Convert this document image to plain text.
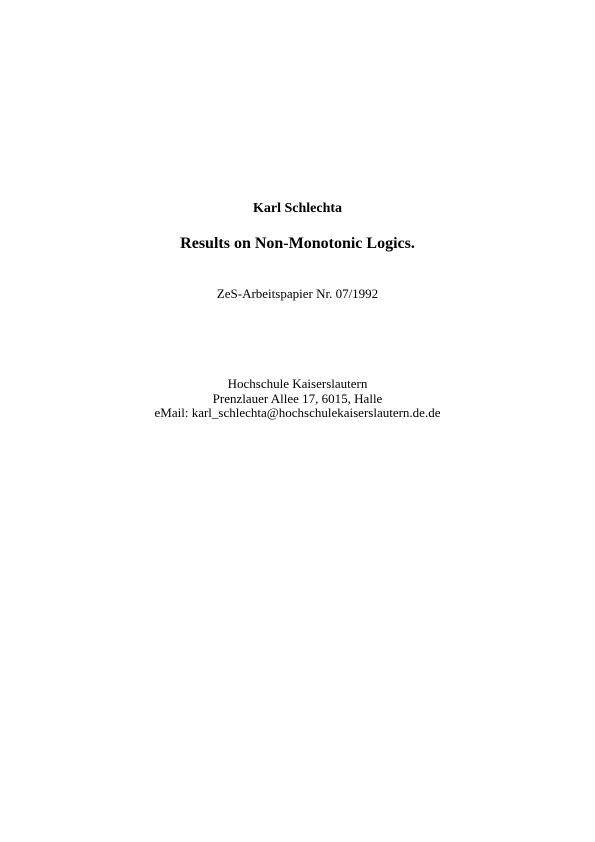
Karl Schlechta
Results on Non-Monotonic Logics.
ZeS-Arbeitspapier Nr. 07/1992
Hochschule Kaiserslautern
Prenzlauer Allee 17, 6015, Halle
eMail: karl_schlechta@hochschulekaiserslautern.de.de
